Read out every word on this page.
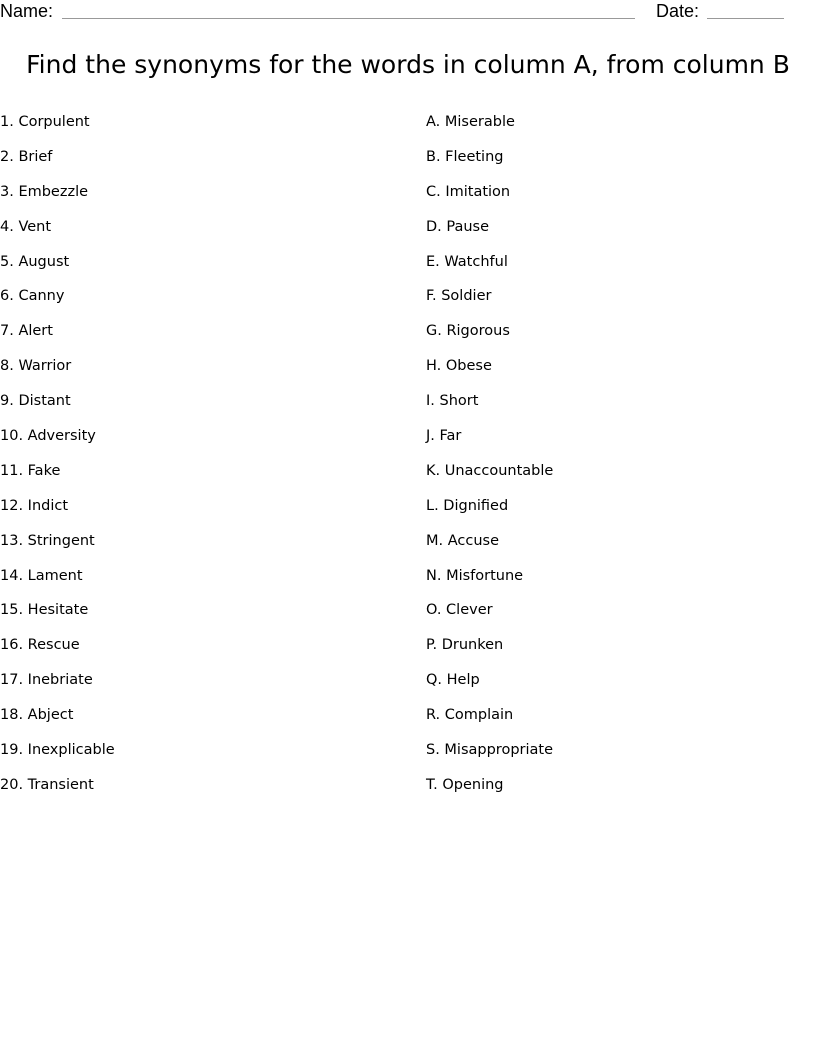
Name:	Date:
Find the synonyms for the words in column A, from column B
1. Corpulent
2. Brief
3. Embezzle
4. Vent
5. August
6. Canny
7. Alert
8. Warrior
9. Distant
10. Adversity
11. Fake
12. Indict
13. Stringent
14. Lament
15. Hesitate
16. Rescue
17. Inebriate
18. Abject
19. Inexplicable
20. Transient
A. Miserable
B. Fleeting
C. Imitation
D. Pause
E. Watchful
F. Soldier
G. Rigorous
H. Obese
I. Short
J. Far
K. Unaccountable
L. Dignified
M. Accuse
N. Misfortune
O. Clever
P. Drunken
Q. Help
R. Complain
S. Misappropriate
T. Opening
